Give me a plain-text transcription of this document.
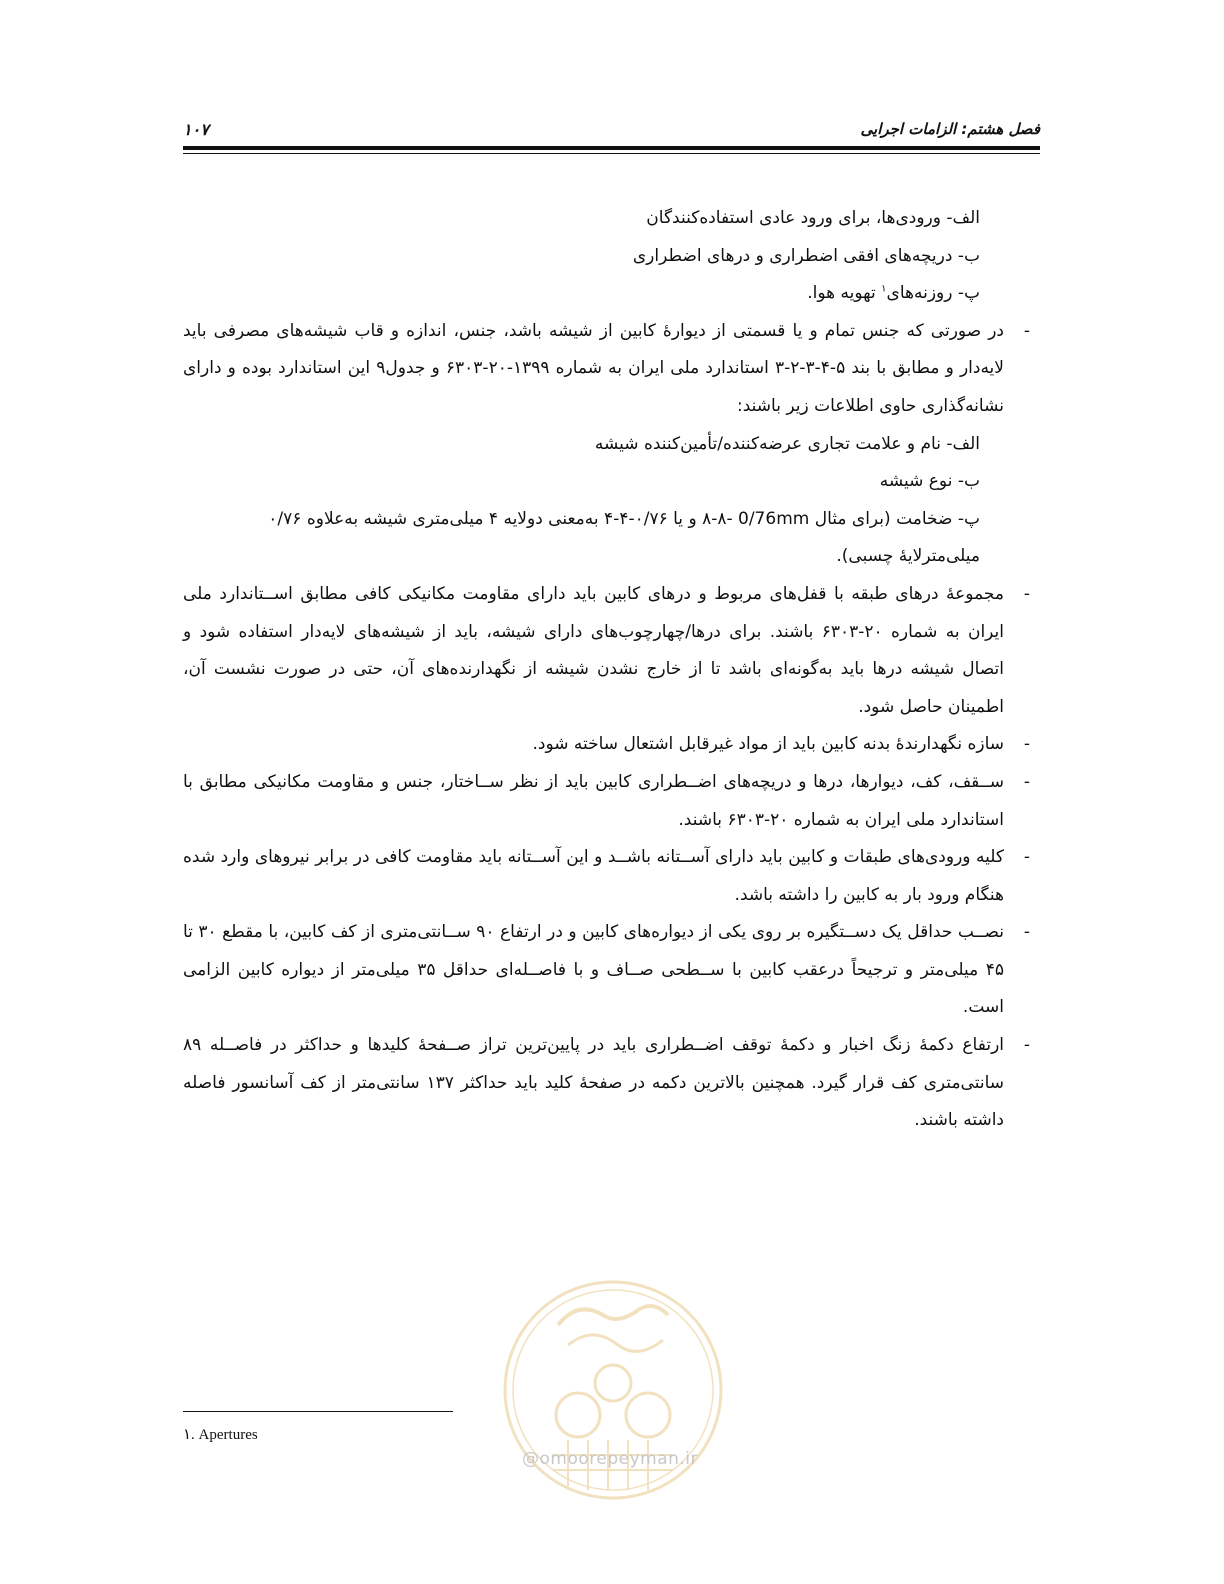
فصل هشتم: الزامات اجرایی
۱۰۷
الف- ورودی‌ها، برای ورود عادی استفاده‌کنندگان
ب- دریچه‌های افقی اضطراری و درهای اضطراری
پ- روزنه‌های$^۱$ تهویه هوا.
-
در صورتی که جنس تمام و یا قسمتی از دیوارهٔ کابین از شیشه باشد، جنس، اندازه و قاب شیشه‌های مصرفی باید لایه‌دار و مطابق با بند ۵-۴-۳-۲-۳ استاندارد ملی ایران به شماره ۱۳۹۹-۲۰-۶۳۰۳ و جدول۹ این استاندارد بوده و دارای نشانه‌گذاری حاوی اطلاعات زیر باشند:
الف- نام و علامت تجاری عرضه‌کننده/تأمین‌کننده شیشه
ب- نوع شیشه
پ- ضخامت (برای مثال ‎0/76mm‏ -۸-۸ و یا ۰/۷۶-۴-۴ به‌معنی دولایه ۴ میلی‌متری شیشه به‌علاوه ۰/۷۶ میلی‌مترلایهٔ چسبی).
-
مجموعهٔ درهای طبقه با قفل‌های مربوط و درهای کابین باید دارای مقاومت مکانیکی کافی مطابق اســتاندارد ملی ایران به شماره ۲۰-۶۳۰۳ باشند. برای درها/چهارچوب‌های دارای شیشه، باید از شیشه‌های لایه‌دار استفاده شود و اتصال شیشه درها باید به‌گونه‌ای باشد تا از خارج نشدن شیشه از نگهدارنده‌های آن، حتی در صورت نشست آن، اطمینان حاصل شود.
-
سازه نگهدارندهٔ بدنه کابین باید از مواد غیرقابل اشتعال ساخته شود.
-
ســقف، کف، دیوارها، درها و دریچه‌های اضــطراری کابین باید از نظر ســاختار، جنس و مقاومت مکانیکی مطابق با استاندارد ملی ایران به شماره ۲۰-۶۳۰۳ باشند.
-
کلیه ورودی‌های طبقات و کابین باید دارای آســتانه باشــد و این آســتانه باید مقاومت کافی در برابر نیروهای وارد شده هنگام ورود بار به کابین را داشته باشد.
-
نصــب حداقل یک دســتگیره بر روی یکی از دیواره‌های کابین و در ارتفاع ۹۰ ســانتی‌متری از کف کابین، با مقطع ۳۰ تا ۴۵ میلی‌متر و ترجیحاً درعقب کابین با ســطحی صــاف و با فاصــله‌ای حداقل ۳۵ میلی‌متر از دیواره کابین الزامی است.
-
ارتفاع دکمهٔ زنگ اخبار و دکمهٔ توقف اضــطراری باید در پایین‌ترین تراز صــفحهٔ کلیدها و حداکثر در فاصــله ۸۹ سانتی‌متری کف قرار گیرد. همچنین بالاترین دکمه در صفحهٔ کلید باید حداکثر ۱۳۷ سانتی‌متر از کف آسانسور فاصله داشته باشند.
@omoorepeyman.ir
۱. Apertures
